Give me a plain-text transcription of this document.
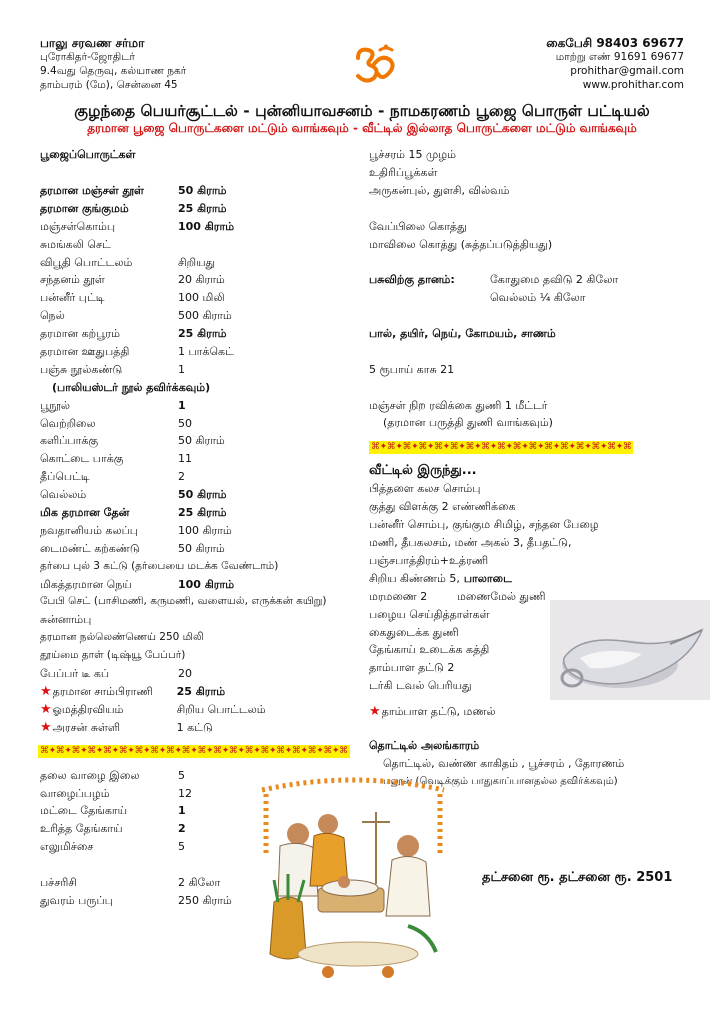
பாலு சரவண சர்மா
புரோகிதர்-ஜோதிடர்
9.4வது தெருவு, கல்யாண நகர்
தாம்பரம் (மே), சென்னை 45
கைபேசி 98403 69677
மாற்று எண் 91691 69677
prohithar@gmail.com
www.prohithar.com
குழந்தை பெயர்சூட்டல் - புன்னியாவசனம் - நாமகரணம் பூஜை பொருள் பட்டியல்
தரமான பூஜை பொருட்களை மட்டும் வாங்கவும் - வீட்டில் இல்லாத பொருட்களை மட்டும் வாங்கவும்
பூஜைப்பொருட்கள்
தரமான மஞ்சள் தூள்	50 கிராம்
தரமான குங்குமம்	25 கிராம்
மஞ்சள்கொம்பு	100 கிராம்
சுமங்கலி செட்
விபூதி பொட்டலம்	சிறியது
சந்தனம் தூள்	20 கிராம்
பன்னீர் புட்டி	100 மிலி
நெல்	500 கிராம்
தரமான கற்பூரம்	25 கிராம்
தரமான ஊதுபத்தி	1 பாக்கெட்
பஞ்சு நூல்கண்டு	1
(பாலியஸ்டர் நூல் தவிர்க்கவும்)
பூநூல்	1
வெற்றிலை	50
களிப்பாக்கு	50 கிராம்
கொட்டை பாக்கு	11
தீப்பெட்டி	2
வெல்லம்	50 கிராம்
மிக தரமான தேன்	25 கிராம்
நவதானியம் கலப்பு	100 கிராம்
டைமண்ட் கற்கண்டு	50 கிராம்
தர்பை புல் 3 கட்டு (தர்பையை மடக்க வேண்டாம்)
மிகத்தரமான நெய்	100 கிராம்
பேபி செட் (பாசிமணி, கருமணி, வளையல், எருக்கன் கயிறு)
சுன்னாம்பு
தரமான நல்லெண்ணெய் 250 மிலி
தூய்மை தாள் (டிஷ்யூ பேப்பர்)
பேப்பர் டீ கப்	20
★ தரமான சாம்பிராணி	25 கிராம்
★ ஓமத்திரவியம்	சிறிய பொட்டலம்
★ அரசன் சுள்ளி	1 கட்டு
⌘✦⌘✦⌘✦⌘✦⌘✦⌘✦⌘✦⌘✦⌘✦⌘✦⌘✦⌘✦⌘✦⌘✦⌘✦⌘✦⌘✦⌘✦⌘✦⌘
தலை வாழை இலை	5
வாழைப்பழம்	12
மட்டை தேங்காய்	1
உரித்த தேங்காய்	2
எலுமிச்சை	5
பச்சரிசி	2 கிலோ
துவரம் பருப்பு	250 கிராம்
பூச்சரம் 15 முழம்
உதிரிப்பூக்கள்
அருகன்புல், துளசி, வில்வம்
வேப்பிலை கொத்து
மாவிலை கொத்து (சுத்தப்படுத்தியது)
பசுவிற்கு தானம்:	கோதுமை தவிடு 2 கிலோ
வெல்லம் ¼ கிலோ
பால், தயிர், நெய், கோமயம், சாணம்
5 ரூபாய் காசு 21
மஞ்சள் நிற ரவிக்கை துணி 1 மீட்டர்
(தரமான பருத்தி துணி வாங்கவும்)
⌘✦⌘✦⌘✦⌘✦⌘✦⌘✦⌘✦⌘✦⌘✦⌘✦⌘✦⌘✦⌘✦⌘✦⌘✦⌘✦⌘
வீட்டில் இருந்து...
பித்தளை கலச சொம்பு
குத்து விளக்கு 2 எண்ணிக்கை
பன்னீர் சொம்பு, குங்கும சிமிழ், சந்தன பேழை
மணி, தீபகலசம், மண் அகல் 3, தீபதட்டு,
பஞ்சபாத்திரம்+உத்ரணி
சிறிய கிண்ணம் 5, பாலாடை
மரமணை 2	மணைமேல் துணி
பழைய செய்தித்தாள்கள்
கைதுடைக்க துணி
தேங்காய் உடைக்க கத்தி
தாம்பாள தட்டு 2
டர்கி டவல் பெரியது
★ தாம்பாள தட்டு, மணல்
தொட்டில் அலங்காரம்
தொட்டில், வண்ண காகிதம் , பூச்சரம் , தோரணம்
பலூன் (வெடிக்கும் பாதுகாப்பானதல்ல தவிர்க்கவும்)
தட்சனை ரூ. தட்சனை ரூ. 2501
